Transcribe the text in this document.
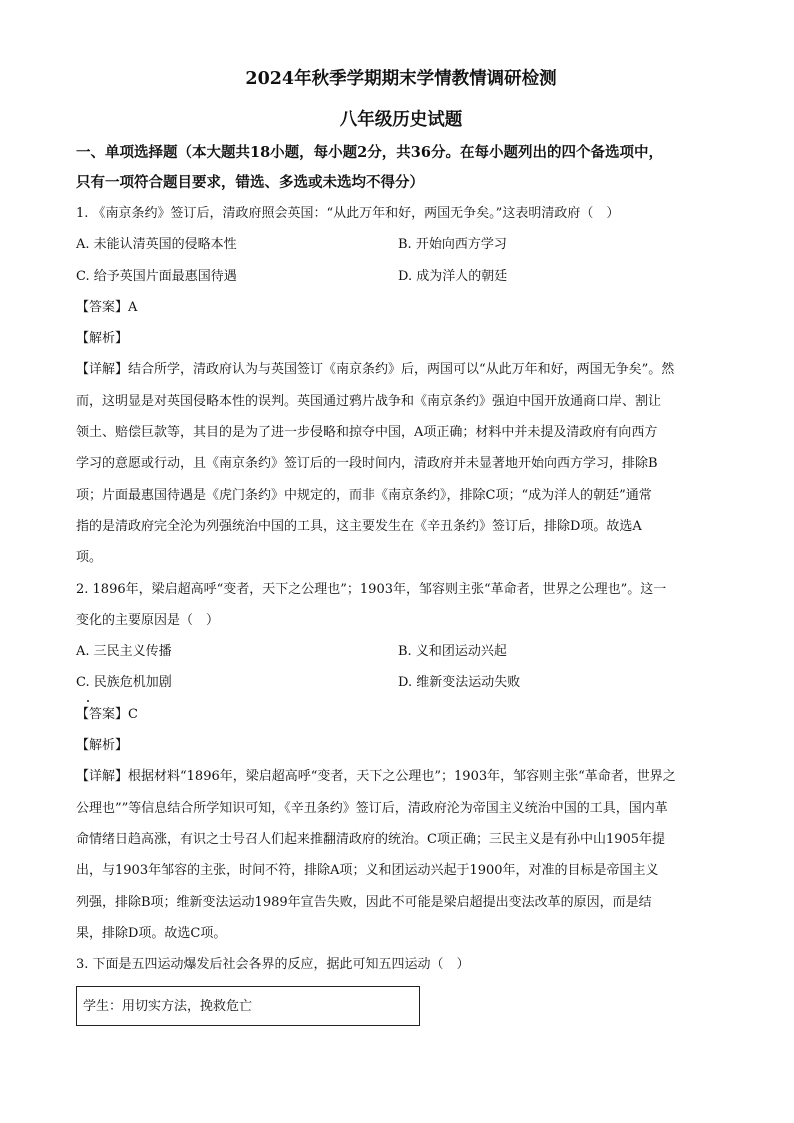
2024年秋季学期期末学情教情调研检测
八年级历史试题
一、单项选择题（本大题共18小题，每小题2分，共36分。在每小题列出的四个备选项中，
只有一项符合题目要求，错选、多选或未选均不得分）
1. 《南京条约》签订后，清政府照会英国：“从此万年和好，两国无争矣。”这表明清政府（　）
A. 未能认清英国的侵略本性	B. 开始向西方学习
C. 给予英国片面最惠国待遇	D. 成为洋人的朝廷
【答案】A
【解析】
【详解】结合所学，清政府认为与英国签订《南京条约》后，两国可以“从此万年和好，两国无争矣”。然
而，这明显是对英国侵略本性的误判。英国通过鸦片战争和《南京条约》强迫中国开放通商口岸、割让
领土、赔偿巨款等，其目的是为了进一步侵略和掠夺中国，A项正确；材料中并未提及清政府有向西方
学习的意愿或行动，且《南京条约》签订后的一段时间内，清政府并未显著地开始向西方学习，排除B
项；片面最惠国待遇是《虎门条约》中规定的，而非《南京条约》，排除C项；“成为洋人的朝廷”通常
指的是清政府完全沦为列强统治中国的工具，这主要发生在《辛丑条约》签订后，排除D项。故选A
项。
2. 1896年，梁启超高呼“变者，天下之公理也”；1903年，邹容则主张“革命者，世界之公理也”。这一
变化的主要原因是（　）
A. 三民主义传播	B. 义和团运动兴起
C. 民族危机加剧	D. 维新变法运动失败
【答案】C
【解析】
【详解】根据材料“1896年，梁启超高呼“变者，天下之公理也”；1903年，邹容则主张“革命者，世界之
公理也””等信息结合所学知识可知，《辛丑条约》签订后，清政府沦为帝国主义统治中国的工具，国内革
命情绪日趋高涨，有识之士号召人们起来推翻清政府的统治。C项正确；三民主义是有孙中山1905年提
出，与1903年邹容的主张，时间不符，排除A项；义和团运动兴起于1900年，对准的目标是帝国主义
列强，排除B项；维新变法运动1989年宣告失败，因此不可能是梁启超提出变法改革的原因，而是结
果，排除D项。故选C项。
3. 下面是五四运动爆发后社会各界的反应，据此可知五四运动（　）
学生：用切实方法，挽救危亡
